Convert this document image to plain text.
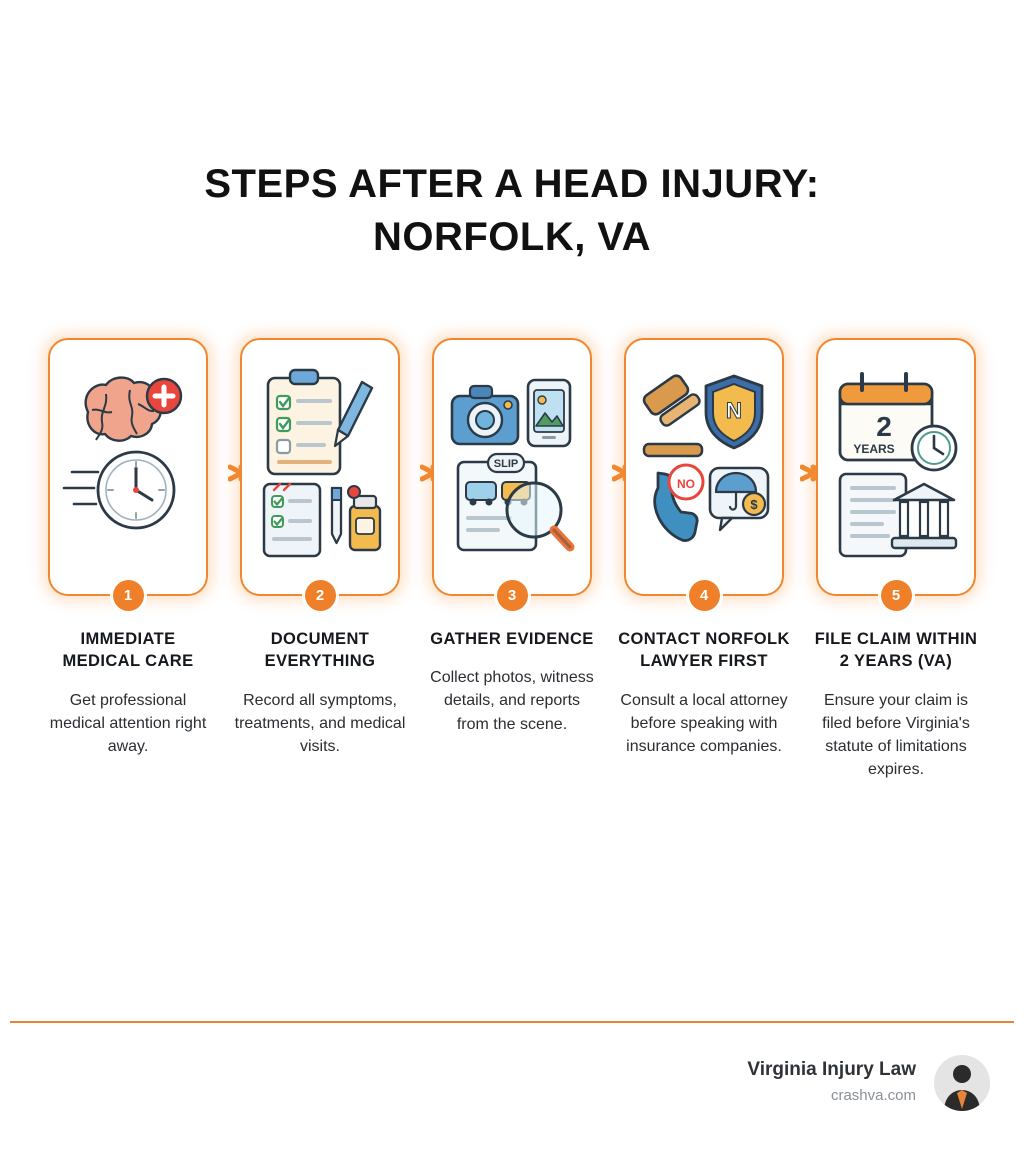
STEPS AFTER A HEAD INJURY:
NORFOLK, VA
1
IMMEDIATE MEDICAL CARE
Get professional medical attention right away.
2
DOCUMENT EVERYTHING
Record all symptoms, treatments, and medical visits.
SLIP
3
GATHER EVIDENCE
Collect photos, witness details, and reports from the scene.
N
NO
$
4
CONTACT NORFOLK LAWYER FIRST
Consult a local attorney before speaking with insurance companies.
2
YEARS
5
FILE CLAIM WITHIN 2 YEARS (VA)
Ensure your claim is filed before Virginia's statute of limitations expires.
Virginia Injury Law
crashva.com
